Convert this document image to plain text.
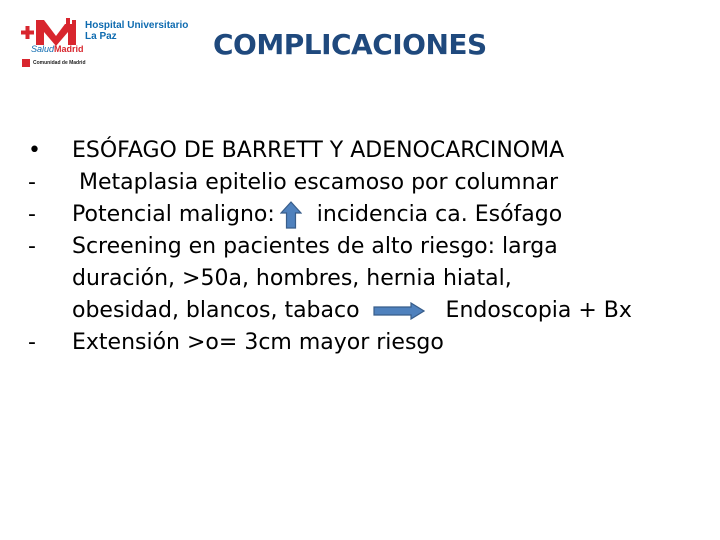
Hospital Universitario
La Paz
SaludMadrid
Comunidad de Madrid
COMPLICACIONES
•	ESÓFAGO DE BARRETT Y ADENOCARCINOMA
-	Metaplasia epitelio escamoso por columnar
-	Potencial maligno: incidencia ca. Esófago
-	Screening en pacientes de alto riesgo: larga
duración, >50a, hombres, hernia hiatal,
obesidad, blancos, tabaco	Endoscopia + Bx
-	Extensión >o= 3cm mayor riesgo
